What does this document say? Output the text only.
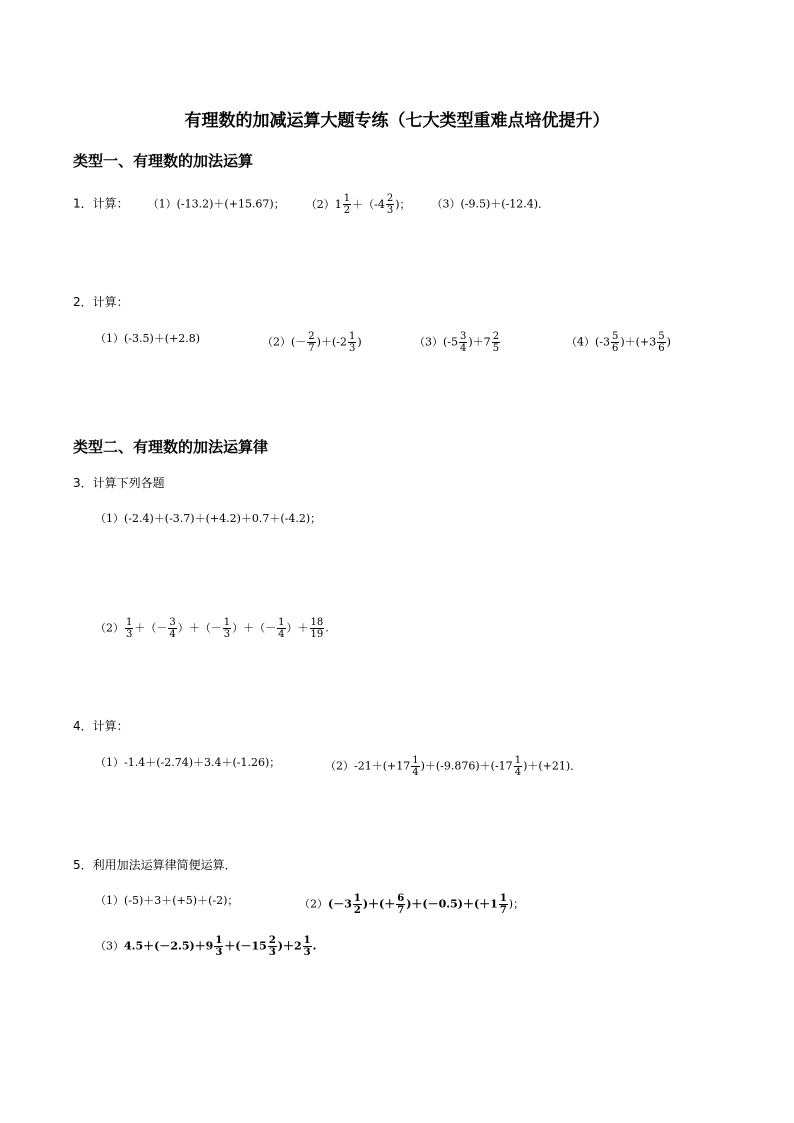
有理数的加减运算大题专练（七大类型重难点培优提升）
类型一、有理数的加法运算
1．计算： （1）(-13.2)＋(+15.67)； $(2)1 \frac{1}{2} +(-4 \frac{2}{3}$ )； （3）(-9.5)＋(-12.4)．
2．计算：
（1）(-3.5)＋(+2.8)	$(2)(- \frac{2}{7} )+(-2 \frac{1}{3}$ )	$(3)(-5 \frac{3}{4} )+7 \frac{2}{5}$	$(4)(-3 \frac{5}{6} )+(+3 \frac{5}{6}$ )
类型二、有理数的加法运算律
3．计算下列各题
（1）(-2.4)＋(-3.7)＋(+4.2)＋0.7＋(-4.2)；
$(2) \frac{1}{3}$ ＋（－ $\frac{3}{4}$ ）＋（－ $\frac{1}{3}$ ）＋（－ $\frac{1}{4}$ ）＋ $\frac{18}{19}$ .
4．计算：
（1）-1.4＋(-2.74)＋3.4＋(-1.26)；	$(2)-21+(+17 \frac{1}{4} )+(-9.876)+(-17 \frac{1}{4} )+(+21)$．
5．利用加法运算律简便运算．
（1）(-5)＋3＋(+5)＋(-2)；	$(2)(-3 \frac{1}{2}$ )＋(＋ $\frac{6}{7} )+(-0.5)+(+1 \frac{1}{7}$ )；
$(3)4.5+(-2.5)+9 \frac{1}{3} +(-15 \frac{2}{3} )+2 \frac{1}{3}$ .
